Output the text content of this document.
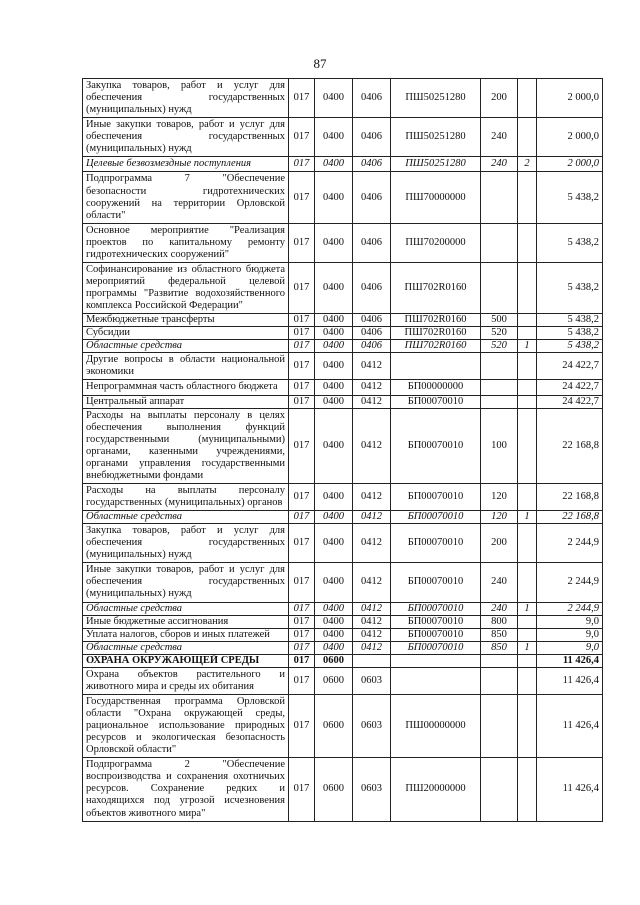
87
Закупка товаров, работ и услуг для обеспечения государственных (муниципальных) нужд	017	0400	0406	ПШ50251280	200		2 000,0
Иные закупки товаров, работ и услуг для обеспечения государственных (муниципальных) нужд	017	0400	0406	ПШ50251280	240		2 000,0
Целевые безвозмездные поступления	017	0400	0406	ПШ50251280	240	2	2 000,0
Подпрограмма 7 "Обеспечение безопасности гидротехнических сооружений на территории Орловской области"	017	0400	0406	ПШ70000000			5 438,2
Основное мероприятие "Реализация проектов по капитальному ремонту гидротехнических сооружений"	017	0400	0406	ПШ70200000			5 438,2
Софинансирование из областного бюджета мероприятий федеральной целевой программы "Развитие водохозяйственного комплекса Российской Федерации"	017	0400	0406	ПШ702R0160			5 438,2
Межбюджетные трансферты	017	0400	0406	ПШ702R0160	500		5 438,2
Субсидии	017	0400	0406	ПШ702R0160	520		5 438,2
Областные средства	017	0400	0406	ПШ702R0160	520	1	5 438,2
Другие вопросы в области национальной экономики	017	0400	0412				24 422,7
Непрограммная часть областного бюджета	017	0400	0412	БП00000000			24 422,7
Центральный аппарат	017	0400	0412	БП00070010			24 422,7
Расходы на выплаты персоналу в целях обеспечения выполнения функций государственными (муниципальными) органами, казенными учреждениями, органами управления государственными внебюджетными фондами	017	0400	0412	БП00070010	100		22 168,8
Расходы на выплаты персоналу государственных (муниципальных) органов	017	0400	0412	БП00070010	120		22 168,8
Областные средства	017	0400	0412	БП00070010	120	1	22 168,8
Закупка товаров, работ и услуг для обеспечения государственных (муниципальных) нужд	017	0400	0412	БП00070010	200		2 244,9
Иные закупки товаров, работ и услуг для обеспечения государственных (муниципальных) нужд	017	0400	0412	БП00070010	240		2 244,9
Областные средства	017	0400	0412	БП00070010	240	1	2 244,9
Иные бюджетные ассигнования	017	0400	0412	БП00070010	800		9,0
Уплата налогов, сборов и иных платежей	017	0400	0412	БП00070010	850		9,0
Областные средства	017	0400	0412	БП00070010	850	1	9,0
ОХРАНА ОКРУЖАЮЩЕЙ СРЕДЫ	017	0600					11 426,4
Охрана объектов растительного и животного мира и среды их обитания	017	0600	0603				11 426,4
Государственная программа Орловской области "Охрана окружающей среды, рациональное использование природных ресурсов и экологическая безопасность Орловской области"	017	0600	0603	ПШ00000000			11 426,4
Подпрограмма 2 "Обеспечение воспроизводства и сохранения охотничьих ресурсов. Сохранение редких и находящихся под угрозой исчезновения объектов животного мира"	017	0600	0603	ПШ20000000			11 426,4
